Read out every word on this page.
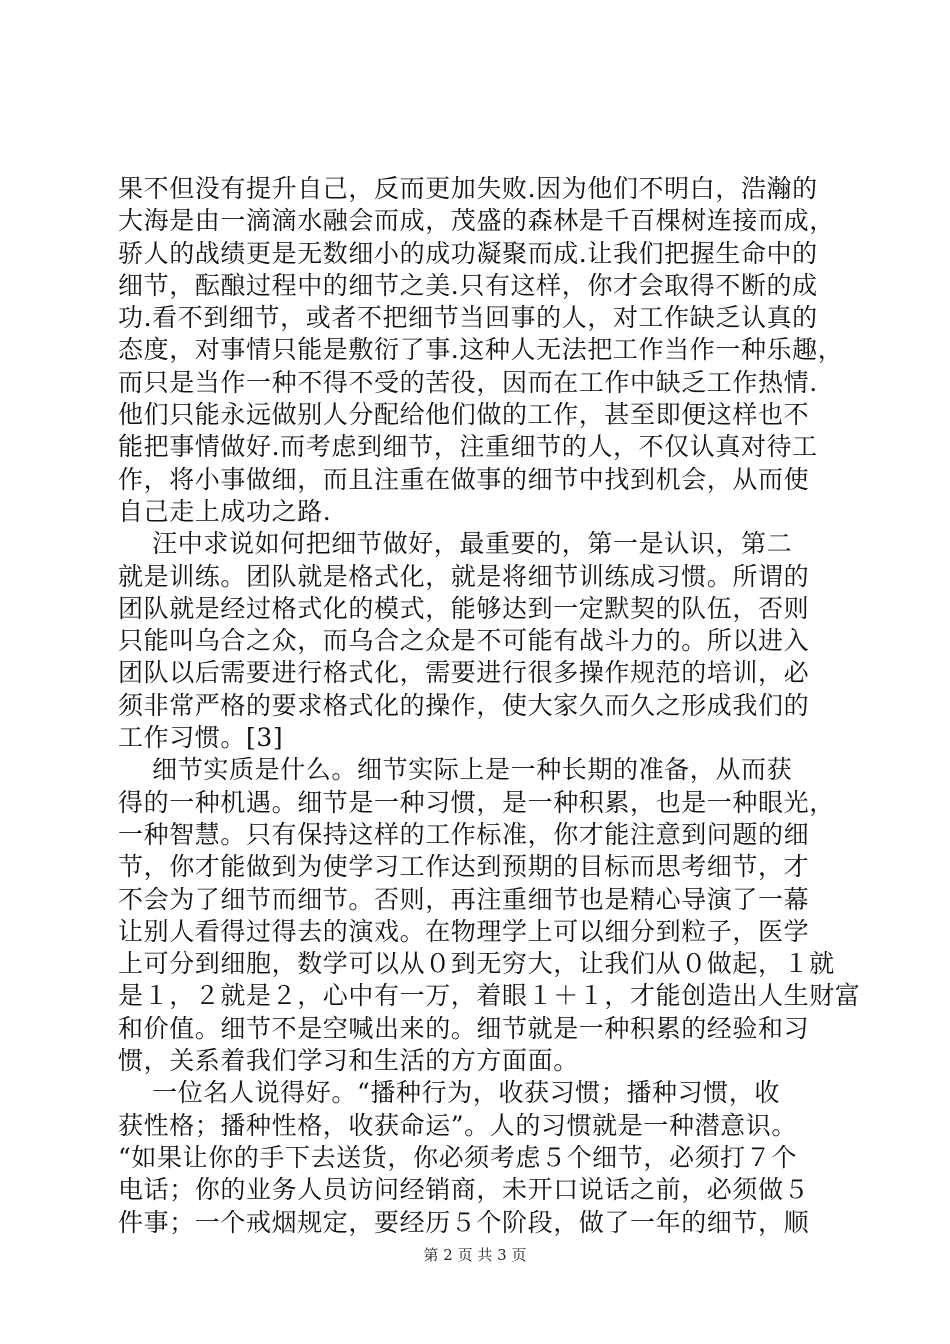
果不但没有提升自己，反而更加失败.因为他们不明白，浩瀚的
大海是由一滴滴水融会而成，茂盛的森林是千百棵树连接而成，
骄人的战绩更是无数细小的成功凝聚而成.让我们把握生命中的
细节，酝酿过程中的细节之美.只有这样，你才会取得不断的成
功.看不到细节，或者不把细节当回事的人，对工作缺乏认真的
态度，对事情只能是敷衍了事.这种人无法把工作当作一种乐趣，
而只是当作一种不得不受的苦役，因而在工作中缺乏工作热情.
他们只能永远做别人分配给他们做的工作，甚至即便这样也不
能把事情做好.而考虑到细节，注重细节的人，不仅认真对待工
作，将小事做细，而且注重在做事的细节中找到机会，从而使
自己走上成功之路.
汪中求说如何把细节做好，最重要的，第一是认识，第二
就是训练。团队就是格式化，就是将细节训练成习惯。所谓的
团队就是经过格式化的模式，能够达到一定默契的队伍，否则
只能叫乌合之众，而乌合之众是不可能有战斗力的。所以进入
团队以后需要进行格式化，需要进行很多操作规范的培训，必
须非常严格的要求格式化的操作，使大家久而久之形成我们的
工作习惯。[3]
细节实质是什么。细节实际上是一种长期的准备，从而获
得的一种机遇。细节是一种习惯，是一种积累，也是一种眼光，
一种智慧。只有保持这样的工作标准，你才能注意到问题的细
节，你才能做到为使学习工作达到预期的目标而思考细节，才
不会为了细节而细节。否则，再注重细节也是精心导演了一幕
让别人看得过得去的演戏。在物理学上可以细分到粒子，医学
上可分到细胞，数学可以从０到无穷大，让我们从０做起，１就
是１，２就是２，心中有一万，着眼１＋１，才能创造出人生财富
和价值。细节不是空喊出来的。细节就是一种积累的经验和习
惯，关系着我们学习和生活的方方面面。
一位名人说得好。“播种行为，收获习惯；播种习惯，收
获性格；播种性格，收获命运”。人的习惯就是一种潜意识。
“如果让你的手下去送货，你必须考虑５个细节，必须打７个
电话；你的业务人员访问经销商，未开口说话之前，必须做５
件事；一个戒烟规定，要经历５个阶段，做了一年的细节，顺
第 2 页 共 3 页
